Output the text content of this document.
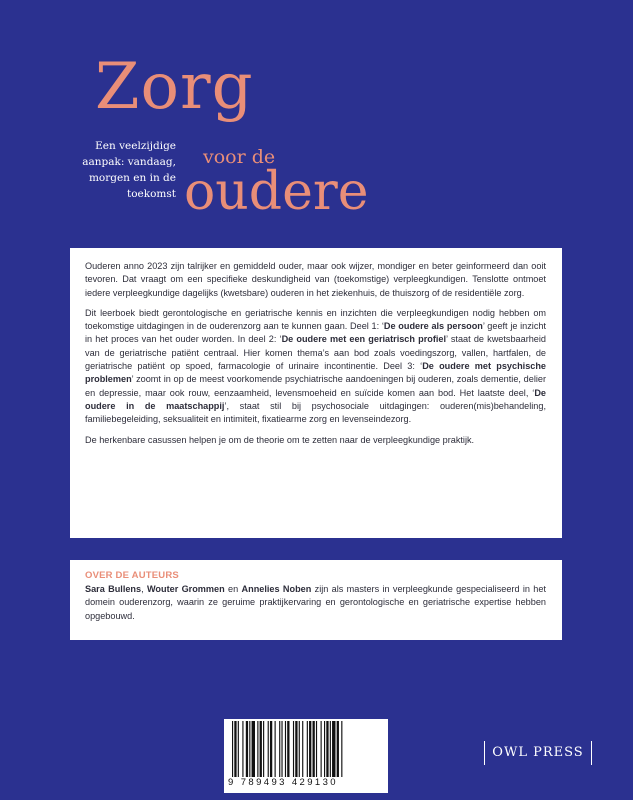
Zorg
voor de
oudere
Een veelzijdige aanpak: vandaag, morgen en in de toekomst

Ouderen anno 2023 zijn talrijker en gemiddeld ouder, maar ook wijzer, mondiger en beter geinformeerd dan ooit tevoren. Dat vraagt om een specifieke deskundigheid van (toekomstige) verpleegkundigen. Tenslotte ontmoet iedere verpleegkundige dagelijks (kwetsbare) ouderen in het ziekenhuis, de thuiszorg of de residentiële zorg.

Dit leerboek biedt gerontologische en geriatrische kennis en inzichten die verpleegkundigen nodig hebben om toekomstige uitdagingen in de ouderenzorg aan te kunnen gaan. Deel 1: ‘De oudere als persoon’ geeft je inzicht in het proces van het ouder worden. In deel 2: ‘De oudere met een geriatrisch profiel’ staat de kwetsbaarheid van de geriatrische patiënt centraal. Hier komen thema’s aan bod zoals voedingszorg, vallen, hartfalen, de geriatrische patiënt op spoed, farmacologie of urinaire incontinentie. Deel 3: ‘De oudere met psychische problemen’ zoomt in op de meest voorkomende psychiatrische aandoeningen bij ouderen, zoals dementie, delier en depressie, maar ook rouw, eenzaamheid, levensmoeheid en suïcide komen aan bod. Het laatste deel, ‘De oudere in de maatschappij’, staat stil bij psychosociale uitdagingen: ouderen(mis)behandeling, familiebegeleiding, seksualiteit en intimiteit, fixatiearme zorg en levenseindezorg.

De herkenbare casussen helpen je om de theorie om te zetten naar de verpleegkundige praktijk.

OVER DE AUTEURS

Sara Bullens, Wouter Grommen en Annelies Noben zijn als masters in verpleegkunde gespecialiseerd in het domein ouderenzorg, waarin ze geruime praktijkervaring en gerontologische en geriatrische expertise hebben opgebouwd.

9 789493 429130
OWL PRESS
